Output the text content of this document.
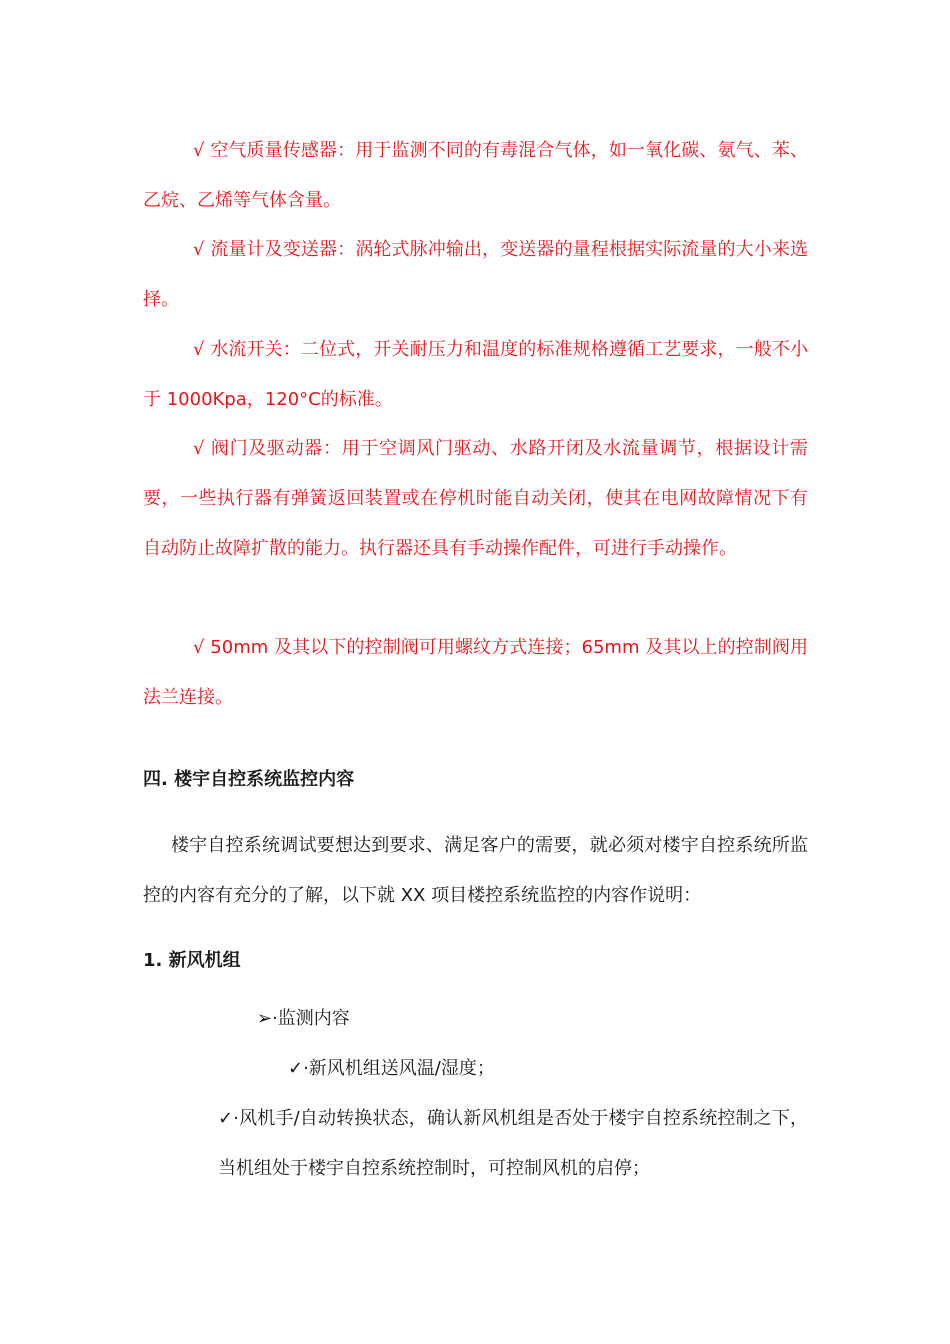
√ 空气质量传感器：用于监测不同的有毒混合气体，如一氧化碳、氨气、苯、乙烷、乙烯等气体含量。

√ 流量计及变送器：涡轮式脉冲输出，变送器的量程根据实际流量的大小来选择。

√ 水流开关：二位式，开关耐压力和温度的标准规格遵循工艺要求，一般不小于 1000Kpa，120°C的标准。

√ 阀门及驱动器：用于空调风门驱动、水路开闭及水流量调节，根据设计需要，一些执行器有弹簧返回装置或在停机时能自动关闭，使其在电网故障情况下有自动防止故障扩散的能力。执行器还具有手动操作配件，可进行手动操作。

√ 50mm 及其以下的控制阀可用螺纹方式连接；65mm 及其以上的控制阀用法兰连接。

四. 楼宇自控系统监控内容

楼宇自控系统调试要想达到要求、满足客户的需要，就必须对楼宇自控系统所监控的内容有充分的了解，以下就 XX 项目楼控系统监控的内容作说明：

1. 新风机组

➢·监测内容

✓·新风机组送风温/湿度；

✓·风机手/自动转换状态，确认新风机组是否处于楼宇自控系统控制之下，当机组处于楼宇自控系统控制时，可控制风机的启停；
